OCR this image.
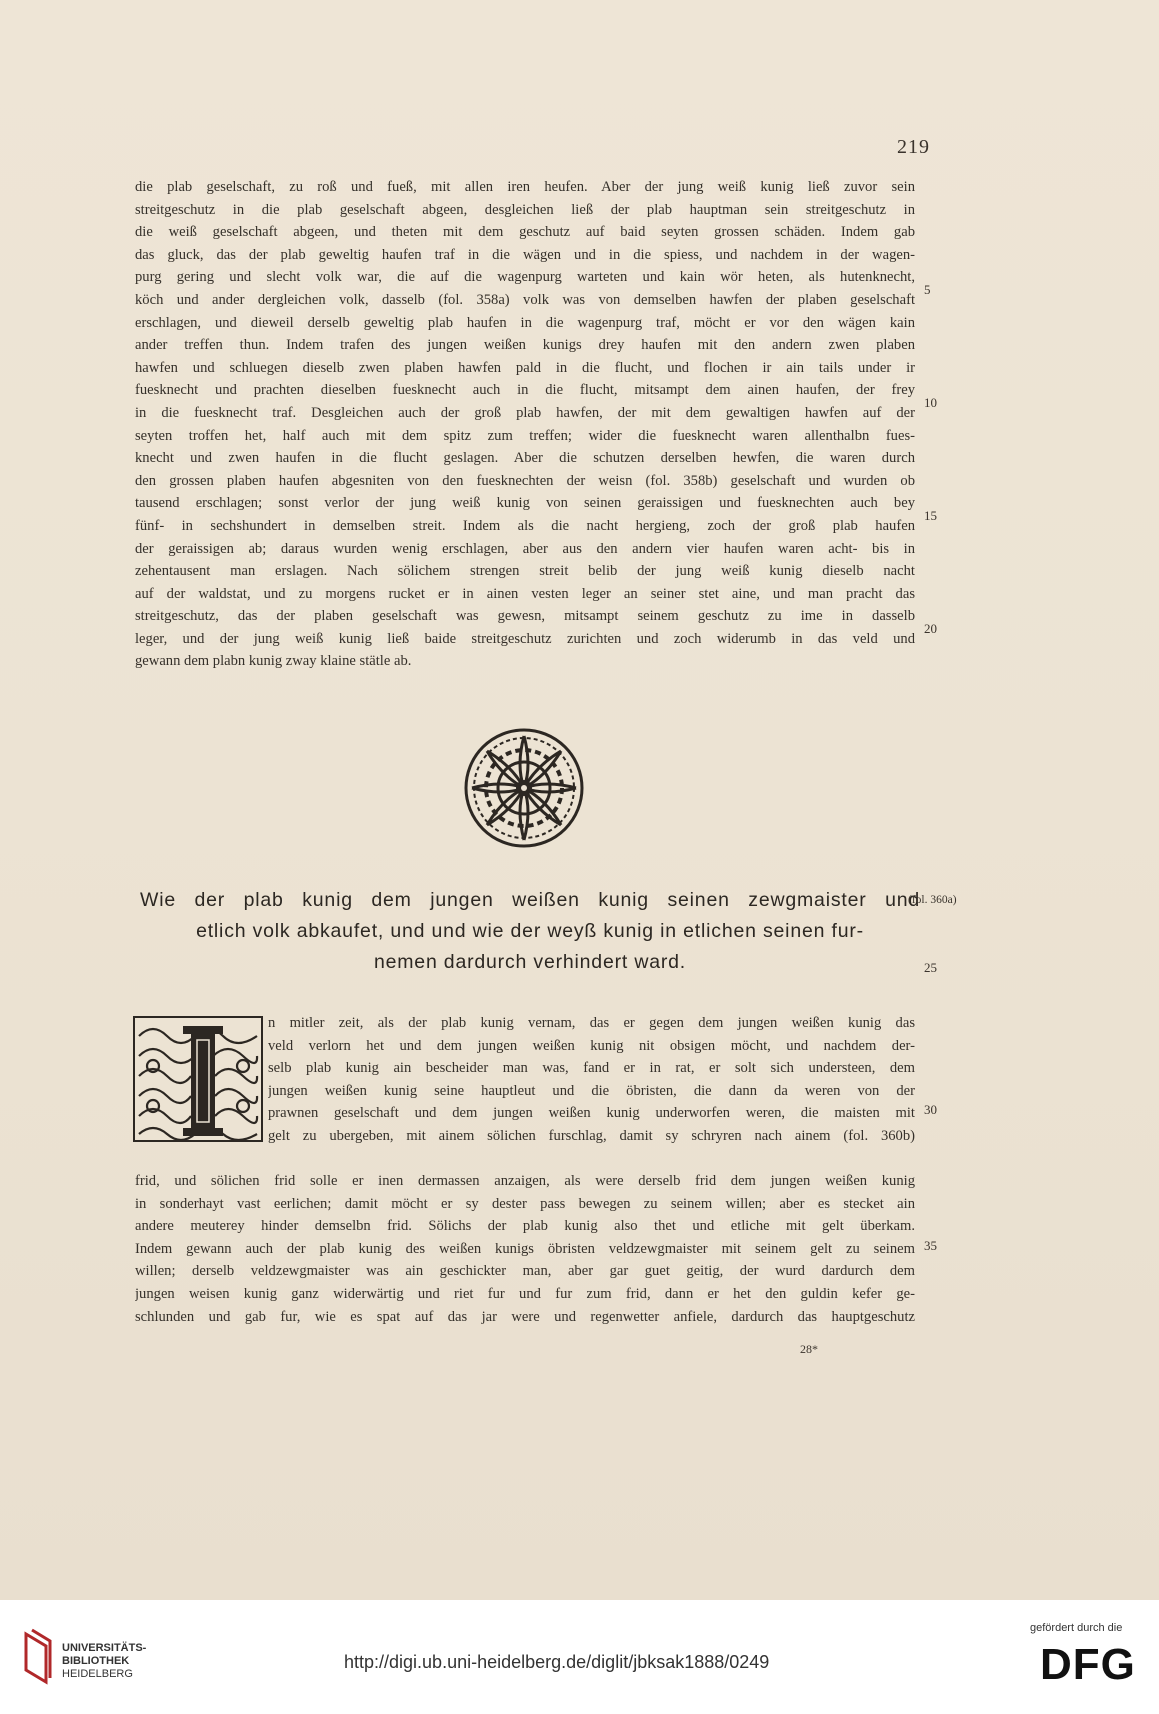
219
die plab geselschaft, zu roß und fueß, mit allen iren heufen. Aber der jung weiß kunig ließ zuvor sein
streitgeschutz in die plab geselschaft abgeen, desgleichen ließ der plab hauptman sein streitgeschutz in
die weiß geselschaft abgeen, und theten mit dem geschutz auf baid seyten grossen schäden. Indem gab
das gluck, das der plab geweltig haufen traf in die wägen und in die spiess, und nachdem in der wagen-
purg gering und slecht volk war, die auf die wagenpurg warteten und kain wör heten, als hutenknecht,
köch und ander dergleichen volk, dasselb (fol. 358a) volk was von demselben hawfen der plaben geselschaft
erschlagen, und dieweil derselb geweltig plab haufen in die wagenpurg traf, möcht er vor den wägen kain
ander treffen thun. Indem trafen des jungen weißen kunigs drey haufen mit den andern zwen plaben
hawfen und schluegen dieselb zwen plaben hawfen pald in die flucht, und flochen ir ain tails under ir
fuesknecht und prachten dieselben fuesknecht auch in die flucht, mitsampt dem ainen haufen, der frey
in die fuesknecht traf. Desgleichen auch der groß plab hawfen, der mit dem gewaltigen hawfen auf der
seyten troffen het, half auch mit dem spitz zum treffen; wider die fuesknecht waren allenthalbn fues-
knecht und zwen haufen in die flucht geslagen. Aber die schutzen derselben hewfen, die waren durch
den grossen plaben haufen abgesniten von den fuesknechten der weisn (fol. 358b) geselschaft und wurden ob
tausend erschlagen; sonst verlor der jung weiß kunig von seinen geraissigen und fuesknechten auch bey
fünf- in sechshundert in demselben streit. Indem als die nacht hergieng, zoch der groß plab haufen
der geraissigen ab; daraus wurden wenig erschlagen, aber aus den andern vier haufen waren acht- bis in
zehentausent man erslagen. Nach sölichem strengen streit belib der jung weiß kunig dieselb nacht
auf der waldstat, und zu morgens rucket er in ainen vesten leger an seiner stet aine, und man pracht das
streitgeschutz, das der plaben geselschaft was gewesn, mitsampt seinem geschutz zu ime in dasselb
leger, und der jung weiß kunig ließ baide streitgeschutz zurichten und zoch widerumb in das veld und
gewann dem plabn kunig zway klaine stätle ab.
5
10
15
20
Wie der plab kunig dem jungen weißen kunig seinen zewgmaister und
etlich volk abkaufet, und und wie der weyß kunig in etlichen seinen fur-
nemen dardurch verhindert ward.
(fol. 360a)
25
n mitler zeit, als der plab kunig vernam, das er gegen dem jungen weißen kunig das
veld verlorn het und dem jungen weißen kunig nit obsigen möcht, und nachdem der-
selb plab kunig ain bescheider man was, fand er in rat, er solt sich understeen, dem
jungen weißen kunig seine hauptleut und die öbristen, die dann da weren von der
prawnen geselschaft und dem jungen weißen kunig underworfen weren, die maisten mit
gelt zu ubergeben, mit ainem sölichen furschlag, damit sy schryren nach ainem (fol. 360b)
30
frid, und sölichen frid solle er inen dermassen anzaigen, als were derselb frid dem jungen weißen kunig
in sonderhayt vast eerlichen; damit möcht er sy dester pass bewegen zu seinem willen; aber es stecket ain
andere meuterey hinder demselbn frid. Sölichs der plab kunig also thet und etliche mit gelt überkam.
Indem gewann auch der plab kunig des weißen kunigs öbristen veldzewgmaister mit seinem gelt zu seinem
willen; derselb veldzewgmaister was ain geschickter man, aber gar guet geitig, der wurd dardurch dem
jungen weisen kunig ganz widerwärtig und riet fur und fur zum frid, dann er het den guldin kefer ge-
schlunden und gab fur, wie es spat auf das jar were und regenwetter anfiele, dardurch das hauptgeschutz
35
28*
UNIVERSITÄTS-
BIBLIOTHEK
HEIDELBERG
http://digi.ub.uni-heidelberg.de/diglit/jbksak1888/0249
gefördert durch die
DFG
